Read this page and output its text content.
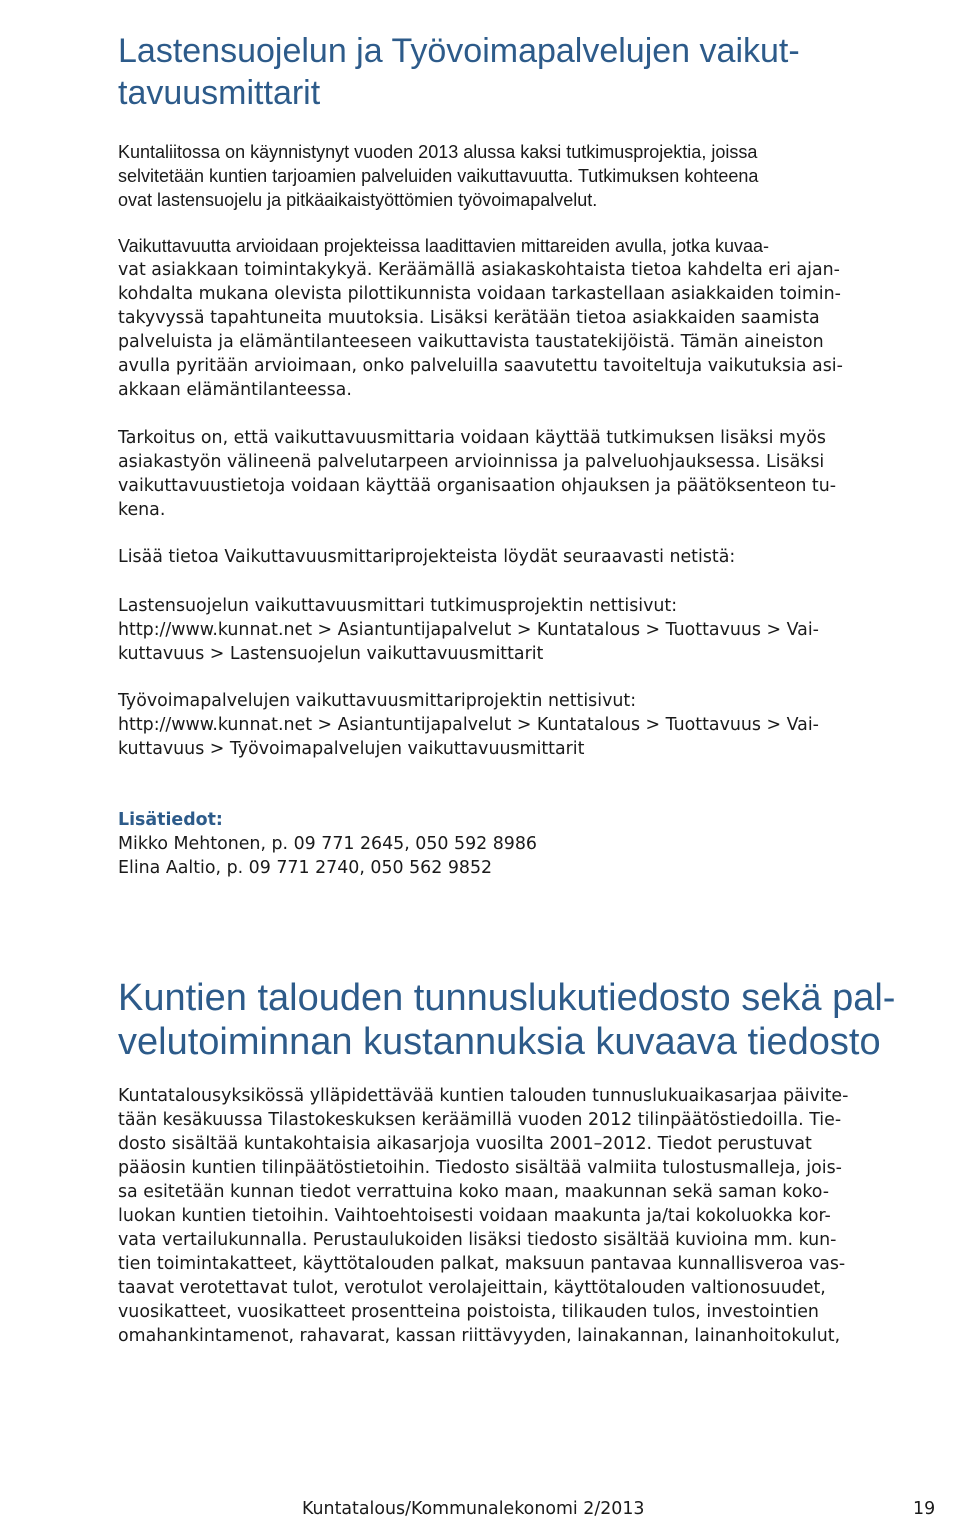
Lastensuojelun ja Työvoimapalvelujen vaikut-
tavuusmittarit
Kuntaliitossa on käynnistynyt vuoden 2013 alussa kaksi tutkimusprojektia, joissa
selvitetään kuntien tarjoamien palveluiden vaikuttavuutta. Tutkimuksen kohteena
ovat lastensuojelu ja pitkäaikaistyöttömien työvoimapalvelut.
Vaikuttavuutta arvioidaan projekteissa laadittavien mittareiden avulla, jotka kuvaa-
vat asiakkaan toimintakykyä. Keräämällä asiakaskohtaista tietoa kahdelta eri ajan-
kohdalta mukana olevista pilottikunnista voidaan tarkastellaan asiakkaiden toimin-
takyvyssä tapahtuneita muutoksia. Lisäksi kerätään tietoa asiakkaiden saamista
palveluista ja elämäntilanteeseen vaikuttavista taustatekijöistä. Tämän aineiston
avulla pyritään arvioimaan, onko palveluilla saavutettu tavoiteltuja vaikutuksia asi-
akkaan elämäntilanteessa.
Tarkoitus on, että vaikuttavuusmittaria voidaan käyttää tutkimuksen lisäksi myös
asiakastyön välineenä palvelutarpeen arvioinnissa ja palveluohjauksessa. Lisäksi
vaikuttavuustietoja voidaan käyttää organisaation ohjauksen ja päätöksenteon tu-
kena.
Lisää tietoa Vaikuttavuusmittariprojekteista löydät seuraavasti netistä:
Lastensuojelun vaikuttavuusmittari tutkimusprojektin nettisivut:
http://www.kunnat.net > Asiantuntijapalvelut > Kuntatalous > Tuottavuus > Vai-
kuttavuus > Lastensuojelun vaikuttavuusmittarit
Työvoimapalvelujen vaikuttavuusmittariprojektin nettisivut:
http://www.kunnat.net > Asiantuntijapalvelut > Kuntatalous > Tuottavuus > Vai-
kuttavuus > Työvoimapalvelujen vaikuttavuusmittarit
Lisätiedot:
Mikko Mehtonen, p. 09 771 2645, 050 592 8986
Elina Aaltio, p. 09 771 2740, 050 562 9852
Kuntien talouden tunnuslukutiedosto sekä pal-
velutoiminnan kustannuksia kuvaava tiedosto
Kuntatalousyksikössä ylläpidettävää kuntien talouden tunnuslukuaikasarjaa päivite-
tään kesäkuussa Tilastokeskuksen keräämillä vuoden 2012 tilinpäätöstiedoilla. Tie-
dosto sisältää kuntakohtaisia aikasarjoja vuosilta 2001–2012. Tiedot perustuvat
pääosin kuntien tilinpäätöstietoihin. Tiedosto sisältää valmiita tulostusmalleja, jois-
sa esitetään kunnan tiedot verrattuina koko maan, maakunnan sekä saman koko-
luokan kuntien tietoihin. Vaihtoehtoisesti voidaan maakunta ja/tai kokoluokka kor-
vata vertailukunnalla. Perustaulukoiden lisäksi tiedosto sisältää kuvioina mm. kun-
tien toimintakatteet, käyttötalouden palkat, maksuun pantavaa kunnallisveroa vas-
taavat verotettavat tulot, verotulot verolajeittain, käyttötalouden valtionosuudet,
vuosikatteet, vuosikatteet prosentteina poistoista, tilikauden tulos, investointien
omahankintamenot, rahavarat, kassan riittävyyden, lainakannan, lainanhoitokulut,
Kuntatalous/Kommunalekonomi 2/2013	19
